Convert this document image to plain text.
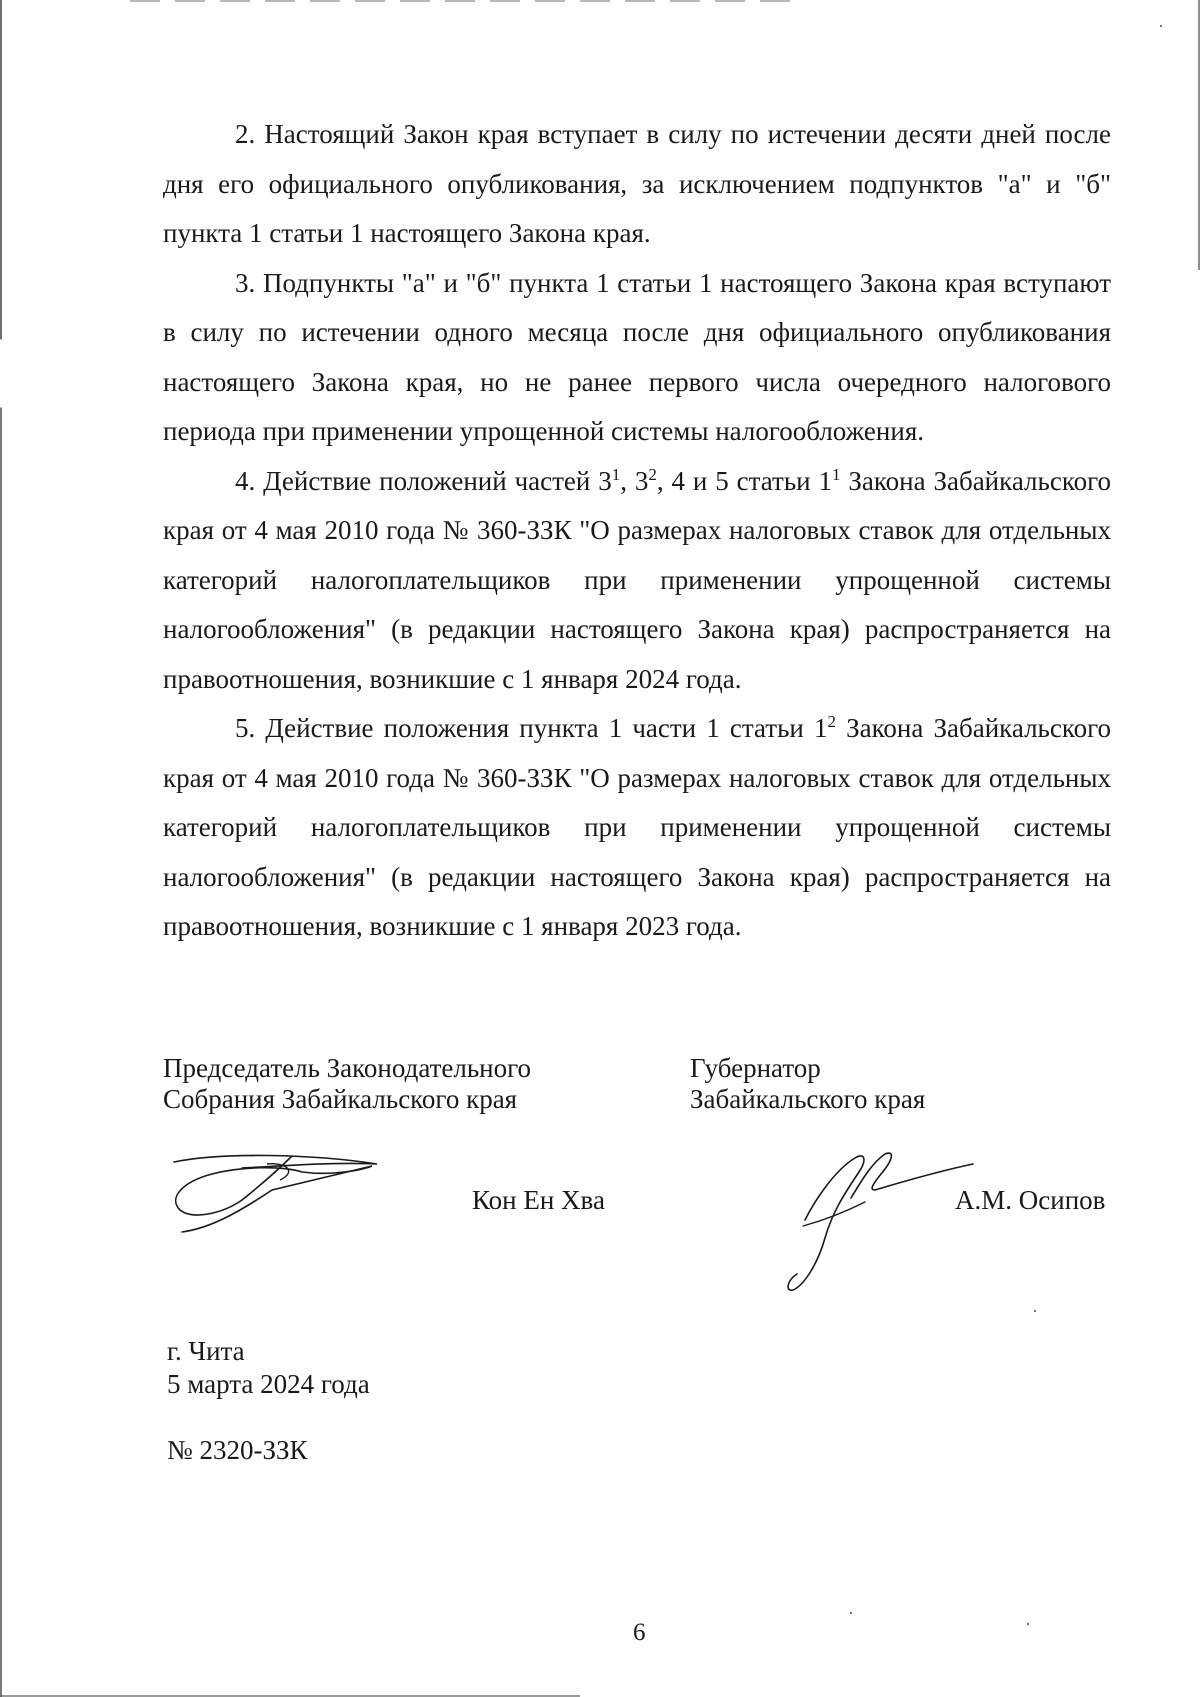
2. Настоящий Закон края вступает в силу по истечении десяти дней после дня его официального опубликования, за исключением подпунктов "а" и "б" пункта 1 статьи 1 настоящего Закона края.

3. Подпункты "а" и "б" пункта 1 статьи 1 настоящего Закона края вступают в силу по истечении одного месяца после дня официального опубликования настоящего Закона края, но не ранее первого числа очередного налогового периода при применении упрощенной системы налогообложения.

4. Действие положений частей $3^1$, $3^2$, 4 и 5 статьи $1^1$ Закона Забайкальского края от 4 мая 2010 года № 360-ЗЗК "О размерах налоговых ставок для отдельных категорий налогоплательщиков при применении упрощенной системы налогообложения" (в редакции настоящего Закона края) распространяется на правоотношения, возникшие с 1 января 2024 года.

5. Действие положения пункта 1 части 1 статьи $1^2$ Закона Забайкальского края от 4 мая 2010 года № 360-ЗЗК "О размерах налоговых ставок для отдельных категорий налогоплательщиков при применении упрощенной системы налогообложения" (в редакции настоящего Закона края) распространяется на правоотношения, возникшие с 1 января 2023 года.

Председатель Законодательного
Собрания Забайкальского края
Губернатор
Забайкальского края
Кон Ен Хва	А.М. Осипов
г. Чита
5 марта 2024 года
№ 2320-ЗЗК
6
